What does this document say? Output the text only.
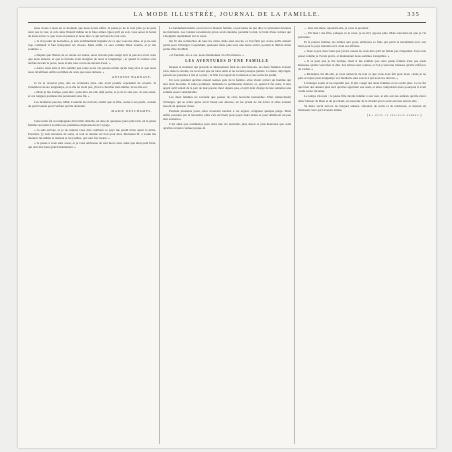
LA MODE ILLUSTRÉE, JOURNAL DE LA FAMILLE.	335

nous avons a nous en ce moment que nous avons enfin. Je pense je ne le vois plus, je ne puis donc pas le voir, et cela dans l'interêt même de le faire aimer. Quoi qu'il en soit, vous aurez la bonté de nous écrire ce que vous en pensez et nous dire ce qui arrivera de tout cela.

« Je n'ai point de nouvelles, je suis extrêmement inquiète de ce que vous me dites, et je ne sais trop comment il faut interpréter les choses. Mais enfin, ce sera comme Dieu voudra, et je me soumets. »

« Depuis que l'heure de ce retour est venue, nous n'avons plus songé qu'à la joie de revoir ceux que nous aimons, et que la fortune avait éloignés de nous si longtemps ; et quand la voiture s'est arrêtée devant la porte, nous avons tous couru au-devant d'eux. »

« Alors, mon ami, il m'a semblé que toute notre vie passée n'était qu'un long rêve et que nous nous réveillions enfin au milieu de ceux que nous aimons. »

ANTOINE BARNAVE.

Je ne le reverrai plus, elle ne reviendra plus, elle avait promis cependant de revenir. Je l'attendrai encore longtemps, et si elle ne vient pas, j'irai la chercher moi-même, là où elle est.

« Mais je me trompe, peut-être ; peut-être est-elle déjà partie, et je ne le sais pas. Je suis seule, et ces longues journées me paraissent sans fin. »

Ces dernières paroles, Mme Cosnelle les écrivait, tandis que sa fille, assise à ses pieds, cousait un petit bonnet pour l'enfant qu'elle attendait.

MARIE DESCHAMPS.

Cette lettre fut accompagnée d'un billet détaché, en date de quelques jours plus tard, où la jeune femme racontait à sa mère ses premières impressions de voyage.

« Je suis arrivée, et je ne saurais vous dire combien ce pays me paraît triste après le nôtre. Pourtant, j'y suis entourée de soins, et tout le monde est bon pour moi. Monsieur B. a voulu me montrer lui-même la maison et les jardins, qui sont fort beaux. »

« Je pense à vous sans cesse, et je vous embrasse de tout mon cœur, ainsi que mon petit frère, qui doit être bien grand maintenant. »

Le lendemain matin, on trouva la maison fermée, et personne ne put dire ce qu'étaient devenus les habitants. Les voisins racontèrent qu'on avait entendu, pendant la nuit, le bruit d'une voiture qui s'éloignait rapidement sur la route.

On fit des recherches de tous les côtés, mais sans succès, et l'on finit par croire qu'ils étaient partis pour l'étranger. Cependant, quelques mois plus tard, une lettre arriva, portant le timbre d'une petite ville du Midi.

« Il faudrait, en ce cas, nous abandonner à la Providence. »

LES AVENTURES D'UNE FAMILLE

Depuis le moment qui précéda le dénouement fatal de cette histoire, les deux femmes avaient vécu dans la retraite, ne recevant que de rares amis et ne sortant presque jamais. La mère, déjà âgée, passait ses journées à lire et à prier ; la fille s'occupait de la maison et des soins du jardin.

Un soir, pendant qu'elles étaient assises près de la fenêtre, elles virent arriver un homme qui leur était inconnu. Il salua poliment, demanda la permission d'entrer, et, quand il fut assis, il leur apprit qu'il venait de la part de leur parent, mort depuis peu, et qu'il était chargé de leur remettre une somme assez considérable.

Les deux femmes ne savaient que penser de cette nouvelle inattendue. Elles remercièrent l'étranger, qui se retira après avoir laissé son adresse, en les priant de lui écrire si elles avaient besoin de quelque chose.

Pendant plusieurs jours, elles n'osèrent toucher à cet argent, craignant quelque piège. Mais enfin, pressées par la nécessité, elles s'en servirent pour payer leurs dettes et pour améliorer un peu leur existence.

C'est ainsi que commença pour elles une vie nouvelle, plus douce et plus heureuse que celle qu'elles avaient connue jusque-là.

— Oui, ma mère, répondit-elle, je vous le promets.

— Eh bien ! ma fille, puisque tu le veux, je ne m'y oppose plus. Mais souviens-toi que je t'ai prévenue.

Et la pauvre femme, les larmes aux yeux, embrassa sa fille, qui partit le lendemain avec son mari pour le pays lointain où il avait ses affaires.

« Vous voyez donc bien que j'avais raison de vous dire qu'il ne fallait pas s'inquiéter. Tout s'est passé comme je l'avais prévu, et maintenant nous sommes tranquilles. »

« Il se peut que je me trompe, mais il me semble que cette jeune femme n'est pas aussi heureuse qu'elle veut bien le dire. Ses lettres sont courtes, et l'on y sent une tristesse qu'elle s'efforce de cacher. »

« Monsieur, lui dit-elle, je vous remercie de tout ce que vous avez fait pour nous ; mais je ne puis accepter plus longtemps vos bienfaits sans savoir à qui nous les devons. »

L'étranger sourit et ne répondit pas. Il prit congé des deux femmes et ne revint plus. Ce ne fut que bien des années plus tard qu'elles apprirent son nom, et elles comprirent alors pourquoi il avait voulu rester inconnu.

Le temps s'écoula ; la jeune fille devint femme à son tour, et elle eut des enfants qu'elle éleva dans l'amour de Dieu et du prochain, en souvenir de la charité qu'on avait exercée envers elle.

Sa mère vécut encore de longues années, entourée de soins et de tendresse, et mourut en bénissant ceux qui l'avaient aimée.

(La suite au prochain numéro.)
